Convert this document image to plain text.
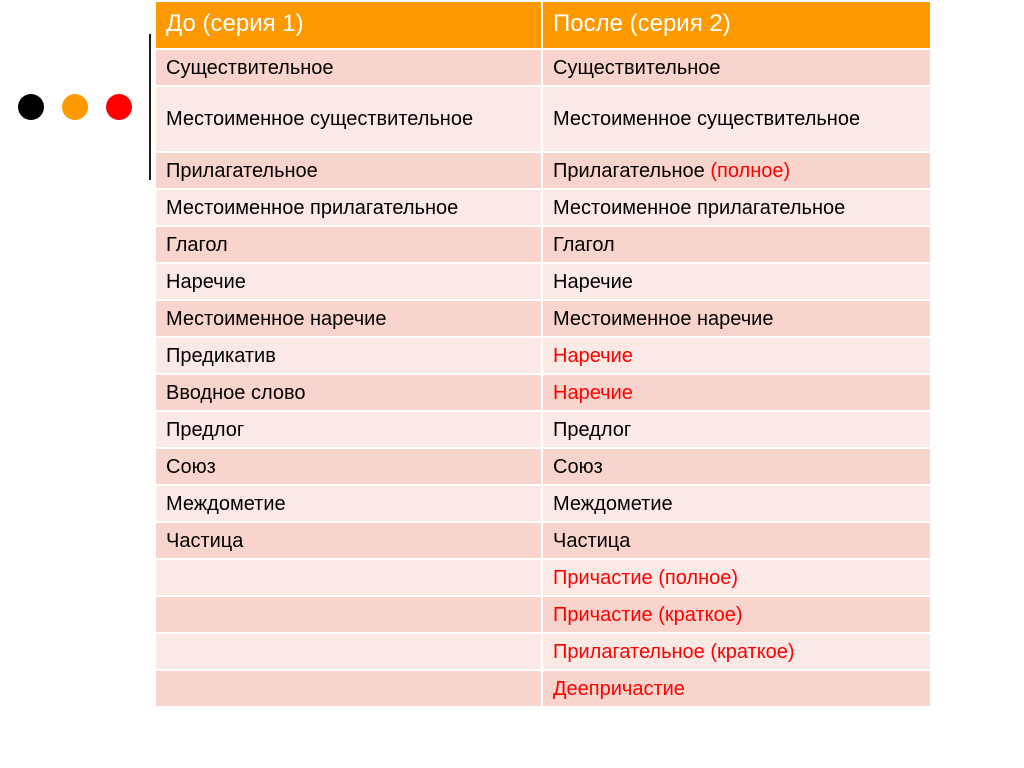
До (серия 1)	После (серия 2)
Существительное	Существительное
Местоименное существительное	Местоименное существительное
Прилагательное	Прилагательное (полное)
Местоименное прилагательное	Местоименное прилагательное
Глагол	Глагол
Наречие	Наречие
Местоименное наречие	Местоименное наречие
Предикатив	Наречие
Вводное слово	Наречие
Предлог	Предлог
Союз	Союз
Междометие	Междометие
Частица	Частица
	Причастие (полное)
	Причастие (краткое)
	Прилагательное (краткое)
	Деепричастие
